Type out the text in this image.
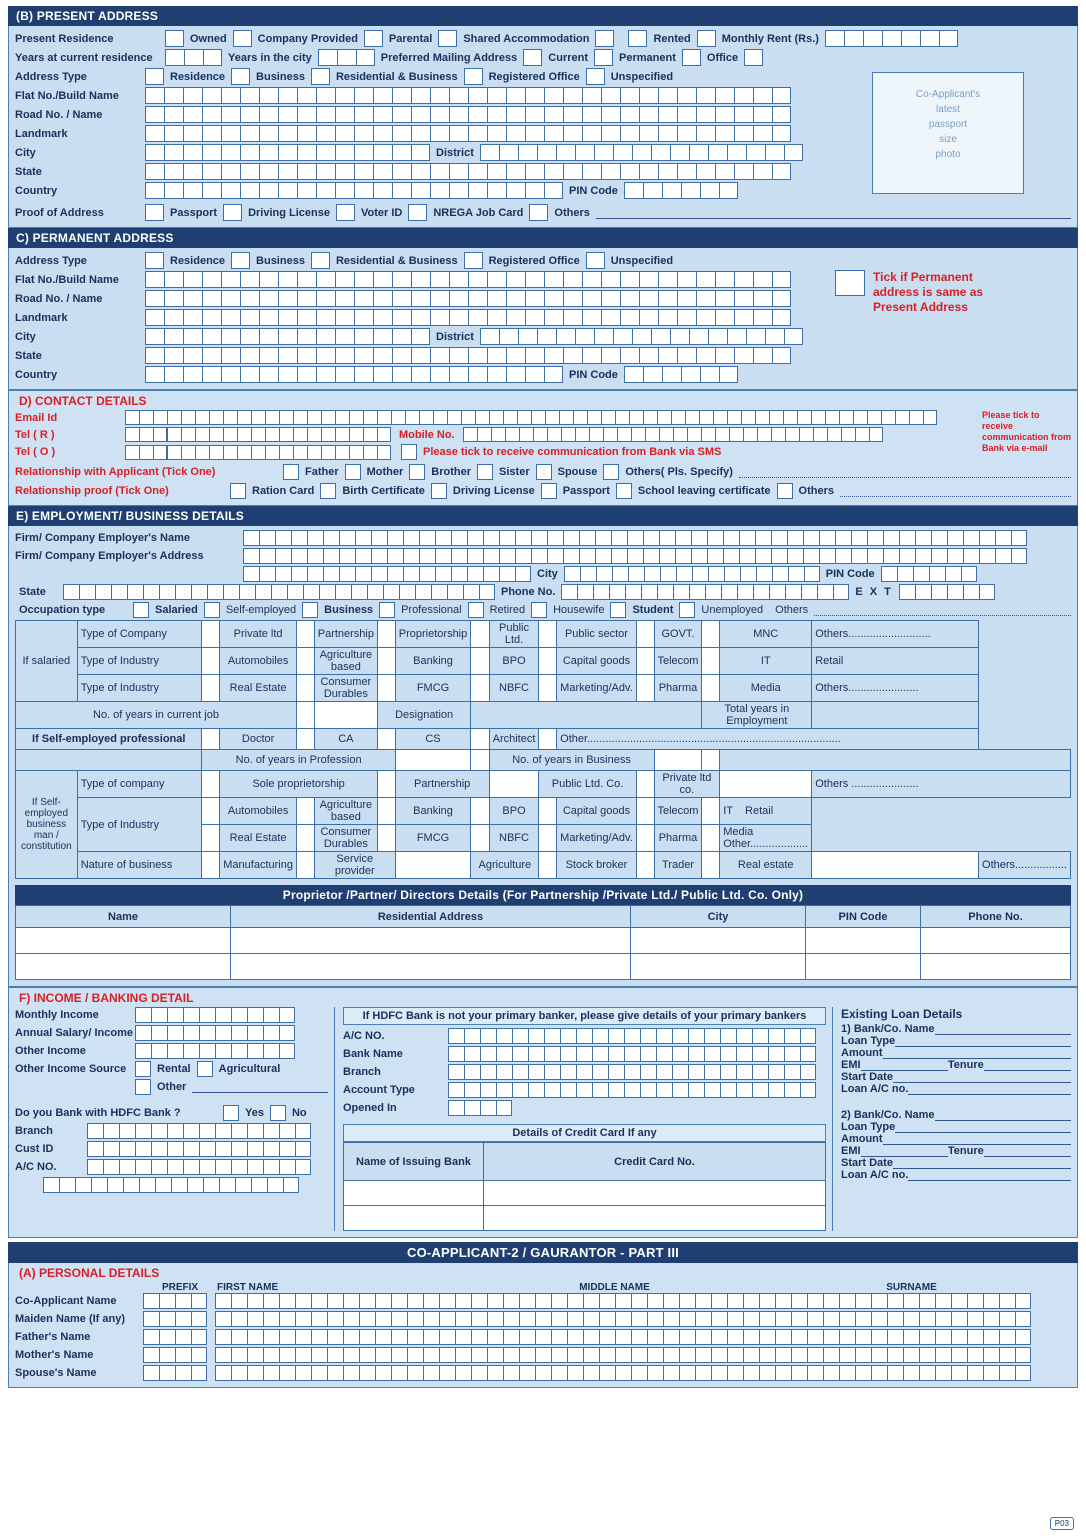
(B) PRESENT ADDRESS
Present Residence	Owned	Company Provided	Parental	Shared Accommodation	Rented	Monthly Rent (Rs.)
Years at current residence	Years in the city	Preferred Mailing Address	Current	Permanent	Office
Address Type	Residence	Business	Residential & Business	Registered Office	Unspecified
Flat No./Build Name
Road No. / Name
Landmark
City	District
State
Country	PIN Code
Co-Applicant's
latest
passport
size
photo
Proof of Address	Passport	Driving License	Voter ID	NREGA Job Card	Others
C) PERMANENT ADDRESS
Address Type	Residence	Business	Residential & Business	Registered Office	Unspecified
Flat No./Build Name
Road No. / Name
Landmark
City	District
State
Country	PIN Code
Tick if Permanent address is same as Present Address
D) CONTACT DETAILS
Email Id
Tel ( R )	Mobile No.
Tel ( O )	Please tick to receive communication from Bank via SMS
Please tick to receive communication from Bank via e-mail
Relationship with Applicant (Tick One)	Father	Mother	Brother	Sister	Spouse	Others( Pls. Specify)
Relationship proof (Tick One)	Ration Card	Birth Certificate	Driving License	Passport	School leaving certificate	Others
E) EMPLOYMENT/ BUSINESS DETAILS
Firm/ Company Employer's Name
Firm/ Company Employer's Address
City	PIN Code
State	Phone No.	E X T
Occupation type	Salaried	Self-employed	Business	Professional	Retired	Housewife	Student	Unemployed	Others
If salaried	Type of Company		Private ltd		Partnership		Proprietorship		Public Ltd.		Public sector		GOVT.		MNC	Others...........................	
	Type of Industry		Automobiles		Agriculture based		Banking		BPO		Capital goods		Telecom		IT	Retail	
	Type of Industry		Real Estate		Consumer Durables		FMCG		NBFC		Marketing/Adv.		Pharma		Media	Others.......................	
No. of years in current job						Designation								Total years in Employment			
If Self-employed professional			Doctor		CA		CS		Architect		Other...................................................................................						
		No. of years in Profession							No. of years in Business								
If Self-employed business man / constitution	Type of company		Sole proprietorship				Partnership			Public Ltd. Co.			Private ltd co.			Others ......................	
	Type of Industry		Automobiles		Agriculture based		Banking		BPO		Capital goods		Telecom		IT Retail		
			Real Estate		Consumer Durables		FMCG		NBFC		Marketing/Adv.		Pharma		Media   Other...................		
	Nature of business		Manufacturing		Service provider			Agriculture			Stock broker		Trader		Real estate		Others.................
Proprietor /Partner/ Directors Details (For Partnership /Private Ltd./ Public Ltd. Co. Only)
Name	Residential Address	City	PIN Code	Phone No.

F) INCOME / BANKING DETAIL
Monthly Income
Annual Salary/ Income
Other Income
Other Income Source	Rental	Agricultural
Other
Do you Bank with HDFC Bank ?	Yes	No
Branch
Cust ID
A/C NO.
If HDFC Bank is not your primary banker, please give details of your primary bankers
A/C NO.
Bank Name
Branch
Account Type
Opened In
Details of Credit Card If any
Name of Issuing Bank	Credit Card No.

Existing Loan Details
1) Bank/Co. Name
Loan Type
Amount
EMI	Tenure
Start Date
Loan A/C no.
2) Bank/Co. Name
Loan Type
Amount
EMI	Tenure
Start Date
Loan A/C no.
CO-APPLICANT-2 / GAURANTOR - PART III
(A) PERSONAL DETAILS
PREFIX	FIRST NAME	MIDDLE NAME	SURNAME
Co-Applicant Name
Maiden Name (If any)
Father's Name
Mother's Name
Spouse's Name
P03
